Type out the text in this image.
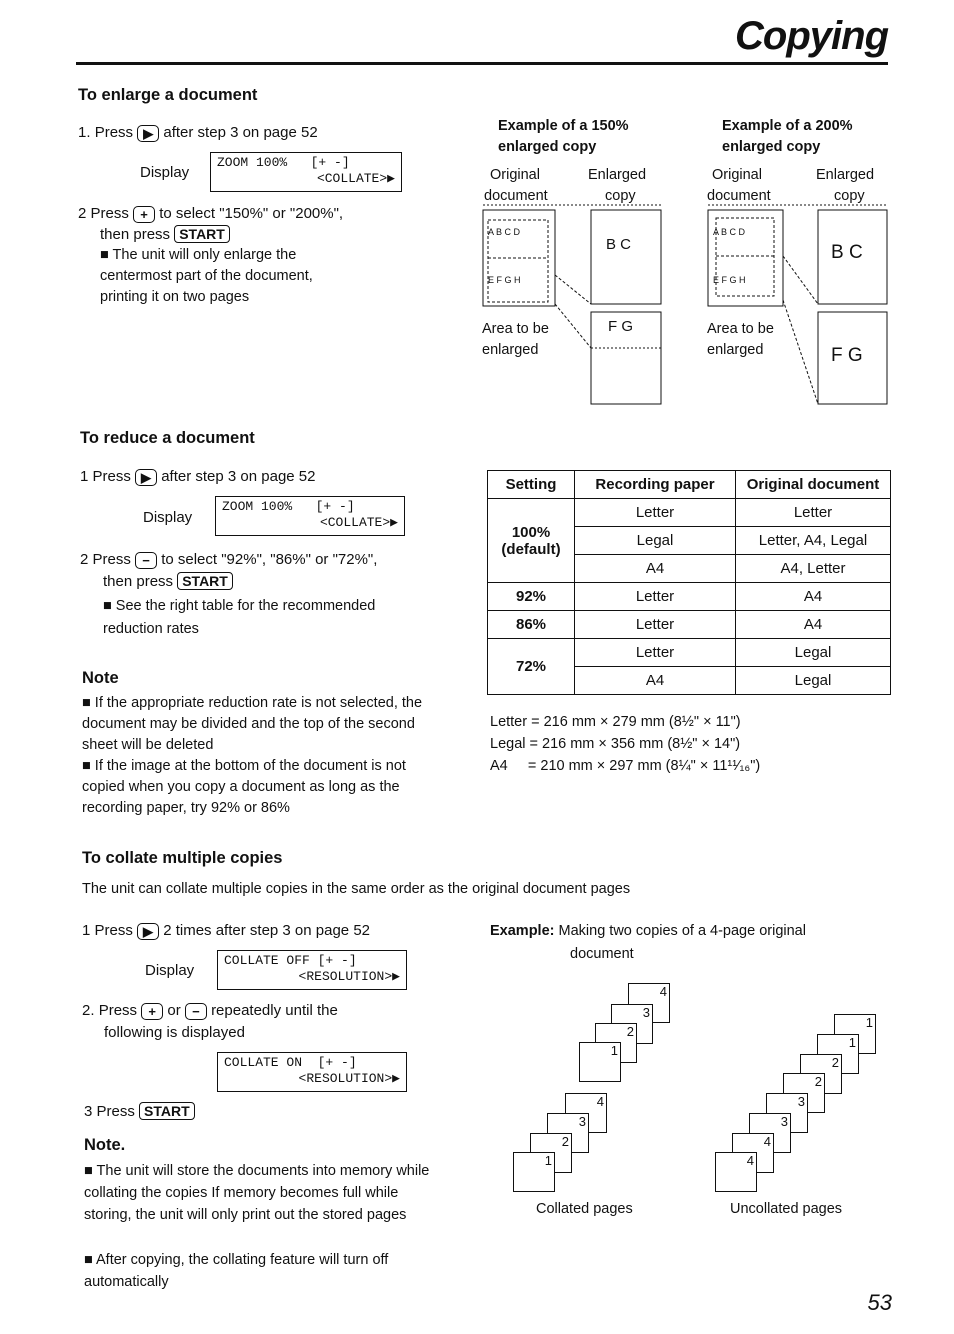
Copying
To enlarge a document
1. Press ▶ after step 3 on page 52
Display
ZOOM 100%   [+ -]
<COLLATE>▶
2 Press + to select "150%" or "200%",
then press START
■ The unit will only enlarge the centermost part of the document, printing it on two pages
Example of a 150%
enlarged copy
Original
document
Enlarged
copy
A B C D
E F G H
B C
F G
Area to be
enlarged
Example of a 200%
enlarged copy
Original
document
Enlarged
copy
A B C D
E F G H
B C
F G
Area to be
enlarged
To reduce a document
1 Press ▶ after step 3 on page 52
Display
ZOOM 100%   [+ -]
<COLLATE>▶
2 Press − to select "92%", "86%" or "72%",
then press START
■ See the right table for the recommended reduction rates
Note
■ If the appropriate reduction rate is not selected, the document may be divided and the top of the second sheet will be deleted
■ If the image at the bottom of the document is not copied when you copy a document as long as the recording paper, try 92% or 86%
Setting	Recording paper	Original document
100%
(default)	Letter	Letter
	Legal	Letter, A4, Legal
	A4	A4, Letter
92%	Letter	A4
86%	Letter	A4
72%	Letter	Legal
	A4	Legal
Letter = 216 mm × 279 mm (8½" × 11")
Legal = 216 mm × 356 mm (8½" × 14")
A4     = 210 mm × 297 mm (8¼" × 11¹¹⁄₁₆")
To collate multiple copies
The unit can collate multiple copies in the same order as the original document pages
1 Press ▶ 2 times after step 3 on page 52
Display
COLLATE OFF [+ -]
<RESOLUTION>▶
2. Press + or − repeatedly until the
following is displayed
COLLATE ON  [+ -]
<RESOLUTION>▶
3 Press START
Note.
■ The unit will store the documents into memory while collating the copies If memory becomes full while storing, the unit will only print out the stored pages
■ After copying, the collating feature will turn off automatically
Example: Making two copies of a 4-page original
document
4
3
2
1
4
3
2
1
1
1
2
2
3
3
4
4
Collated pages	Uncollated pages
53
